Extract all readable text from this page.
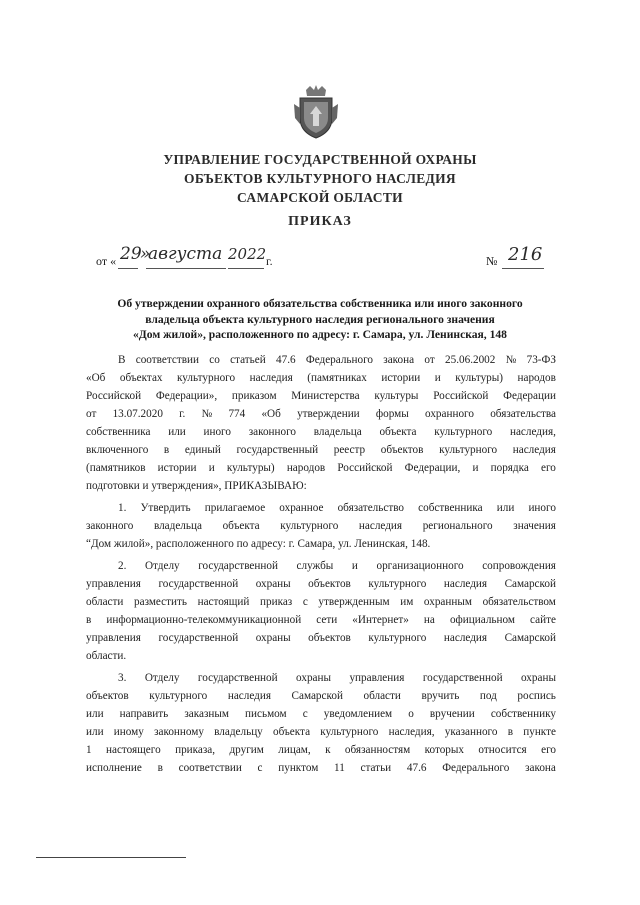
УПРАВЛЕНИЕ ГОСУДАРСТВЕННОЙ ОХРАНЫ
ОБЪЕКТОВ КУЛЬТУРНОГО НАСЛЕДИЯ
САМАРСКОЙ ОБЛАСТИ
ПРИКАЗ
от « 29
»
августа 2022 г.	№ 216
Об утверждении охранного обязательства собственника или иного законного
владельца объекта культурного наследия регионального значения
«Дом жилой», расположенного по адресу: г. Самара, ул. Ленинская, 148
В соответствии со статьей 47.6 Федерального закона от 25.06.2002 № 73-ФЗ
«Об объектах культурного наследия (памятниках истории и культуры) народов
Российской Федерации», приказом Министерства культуры Российской Федерации
от 13.07.2020 г. № 774 «Об утверждении формы охранного обязательства
собственника или иного законного владельца объекта культурного наследия,
включенного в единый государственный реестр объектов культурного наследия
(памятников истории и культуры) народов Российской Федерации, и порядка его
подготовки и утверждения», ПРИКАЗЫВАЮ:
1. Утвердить прилагаемое охранное обязательство собственника или иного
законного владельца объекта культурного наследия регионального значения
“Дом жилой», расположенного по адресу: г. Самара, ул. Ленинская, 148.
2. Отделу государственной службы и организационного сопровождения
управления государственной охраны объектов культурного наследия Самарской
области разместить настоящий приказ с утвержденным им охранным обязательством
в информационно-телекоммуникационной сети «Интернет» на официальном сайте
управления государственной охраны объектов культурного наследия Самарской
области.
3. Отделу государственной охраны управления государственной охраны
объектов культурного наследия Самарской области вручить под роспись
или направить заказным письмом с уведомлением о вручении собственнику
или иному законному владельцу объекта культурного наследия, указанного в пункте
1 настоящего приказа, другим лицам, к обязанностям которых относится его
исполнение в соответствии с пунктом 11 статьи 47.6 Федерального закона
